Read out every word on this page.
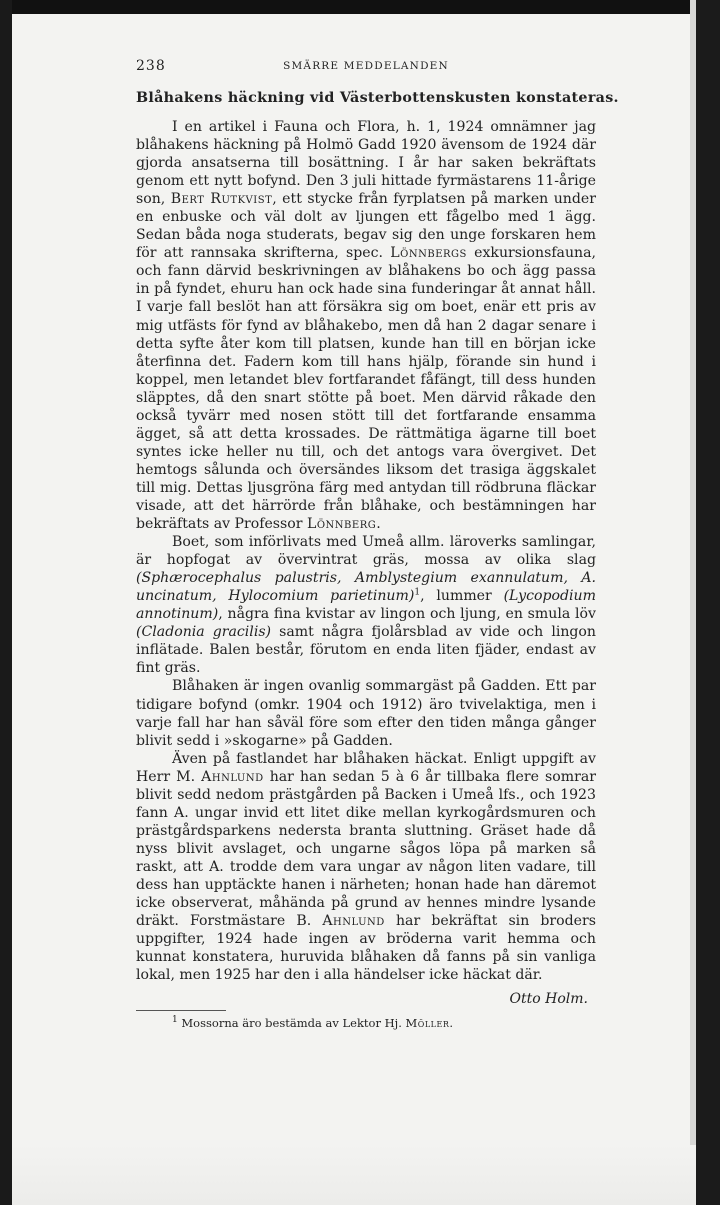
238	SMÄRRE MEDDELANDEN
Blåhakens häckning vid Västerbottenskusten konstateras.

I en artikel i Fauna och Flora, h. 1, 1924 omnämner jag blåhakens häckning på Holmö Gadd 1920 ävensom de 1924 där gjorda ansatserna till bosättning. I år har saken bekräftats genom ett nytt bofynd. Den 3 juli hittade fyrmästarens 11-årige son, Bert Rutkvist, ett stycke från fyrplatsen på marken under en enbuske och väl dolt av ljungen ett fågelbo med 1 ägg. Sedan båda noga studerats, begav sig den unge forskaren hem för att rannsaka skrifterna, spec. Lönnbergs exkursionsfauna, och fann därvid beskrivningen av blåhakens bo och ägg passa in på fyndet, ehuru han ock hade sina funderingar åt annat håll. I varje fall beslöt han att försäkra sig om boet, enär ett pris av mig utfästs för fynd av blåhakebo, men då han 2 dagar senare i detta syfte åter kom till platsen, kunde han till en början icke återfinna det. Fadern kom till hans hjälp, förande sin hund i koppel, men letandet blev fortfarandet fåfängt, till dess hunden släpptes, då den snart stötte på boet. Men därvid råkade den också tyvärr med nosen stött till det fortfarande ensamma ägget, så att detta krossades. De rättmätiga ägarne till boet syntes icke heller nu till, och det antogs vara övergivet. Det hemtogs sålunda och översändes liksom det trasiga äggskalet till mig. Dettas ljusgröna färg med antydan till rödbruna fläckar visade, att det härrörde från blåhake, och bestämningen har bekräftats av Professor Lönnberg.

Boet, som införlivats med Umeå allm. läroverks samlingar, är hopfogat av övervintrat gräs, mossa av olika slag (Sphærocephalus palustris, Amblystegium exannulatum, A. uncinatum, Hylocomium parietinum)$^1$, lummer (Lycopodium annotinum), några fina kvistar av lingon och ljung, en smula löv (Cladonia gracilis) samt några fjolårsblad av vide och lingon inflätade. Balen består, förutom en enda liten fjäder, endast av fint gräs.

Blåhaken är ingen ovanlig sommargäst på Gadden. Ett par tidigare bofynd (omkr. 1904 och 1912) äro tvivelaktiga, men i varje fall har han såväl före som efter den tiden många gånger blivit sedd i »skogarne» på Gadden.

Även på fastlandet har blåhaken häckat. Enligt uppgift av Herr M. Ahnlund har han sedan 5 à 6 år tillbaka flere somrar blivit sedd nedom prästgården på Backen i Umeå lfs., och 1923 fann A. ungar invid ett litet dike mellan kyrkogårdsmuren och prästgårdsparkens nedersta branta sluttning. Gräset hade då nyss blivit avslaget, och ungarne sågos löpa på marken så raskt, att A. trodde dem vara ungar av någon liten vadare, till dess han upptäckte hanen i närheten; honan hade han däremot icke observerat, måhända på grund av hennes mindre lysande dräkt. Forstmästare B. Ahnlund har bekräftat sin broders uppgifter, 1924 hade ingen av bröderna varit hemma och kunnat konstatera, huruvida blåhaken då fanns på sin vanliga lokal, men 1925 har den i alla händelser icke häckat där.

Otto Holm.
$^1$ Mossorna äro bestämda av Lektor Hj. Möller.
